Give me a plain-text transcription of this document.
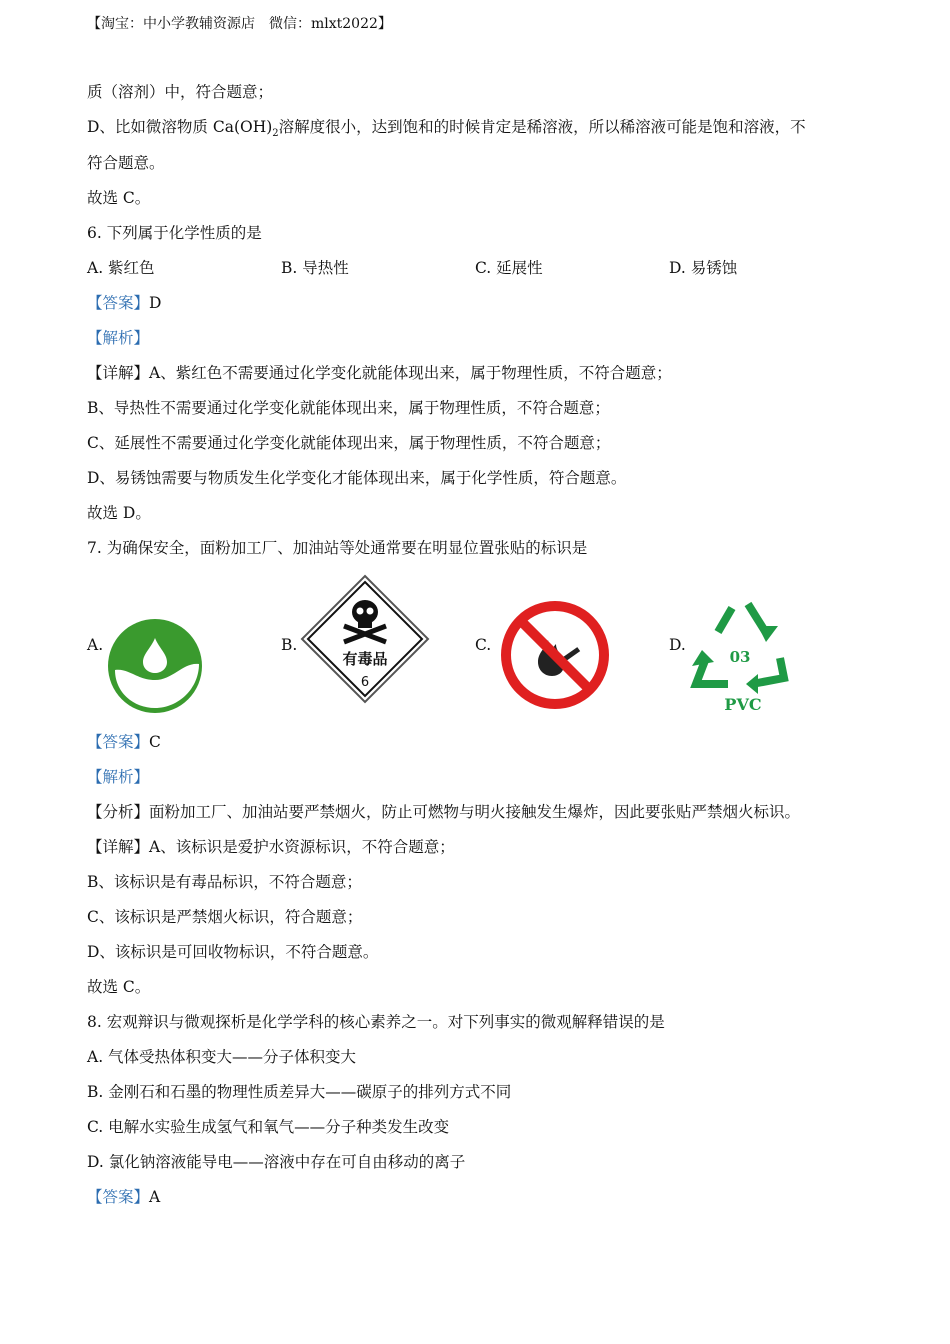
【淘宝：中小学教辅资源店　微信：mlxt2022】
质（溶剂）中，符合题意；
D、比如微溶物质 $Ca(OH)_2$溶解度很小，达到饱和的时候肯定是稀溶液，所以稀溶液可能是饱和溶液，不
符合题意。
故选 C。
6. 下列属于化学性质的是
A. 紫红色	B. 导热性	C. 延展性	D. 易锈蚀
【答案】D
【解析】
【详解】A、紫红色不需要通过化学变化就能体现出来，属于物理性质，不符合题意；
B、导热性不需要通过化学变化就能体现出来，属于物理性质，不符合题意；
C、延展性不需要通过化学变化就能体现出来，属于物理性质，不符合题意；
D、易锈蚀需要与物质发生化学变化才能体现出来，属于化学性质，符合题意。
故选 D。
7. 为确保安全，面粉加工厂、加油站等处通常要在明显位置张贴的标识是
A.	B.
有毒品
6
C.	D.
03
PVC
【答案】C
【解析】
【分析】面粉加工厂、加油站要严禁烟火，防止可燃物与明火接触发生爆炸，因此要张贴严禁烟火标识。
【详解】A、该标识是爱护水资源标识，不符合题意；
B、该标识是有毒品标识，不符合题意；
C、该标识是严禁烟火标识，符合题意；
D、该标识是可回收物标识，不符合题意。
故选 C。
8. 宏观辩识与微观探析是化学学科的核心素养之一。对下列事实的微观解释错误的是
A. 气体受热体积变大——分子体积变大
B. 金刚石和石墨的物理性质差异大——碳原子的排列方式不同
C. 电解水实验生成氢气和氧气——分子种类发生改变
D. 氯化钠溶液能导电——溶液中存在可自由移动的离子
【答案】A
